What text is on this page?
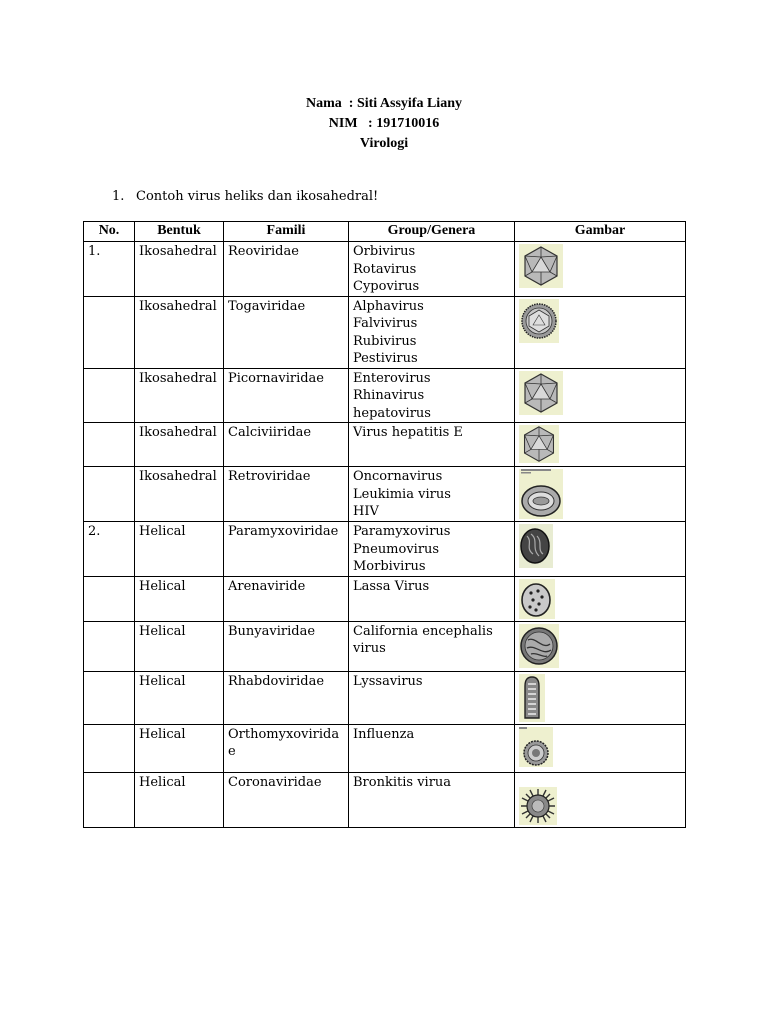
Nama  : Siti Assyifa Liany
NIM   : 191710016
Virologi
1. Contoh virus heliks dan ikosahedral!
No.	Bentuk	Famili	Group/Genera	Gambar
1.	Ikosahedral	Reoviridae	Orbivirus
Rotavirus
Cypovirus

	Ikosahedral	Togaviridae	Alphavirus
Falvivirus
Rubivirus
Pestivirus

	Ikosahedral	Picornaviridae	Enterovirus
Rhinavirus
hepatovirus

	Ikosahedral	Calciviiridae	Virus hepatitis E

	Ikosahedral	Retroviridae	Oncornavirus
Leukimia virus
HIV

2.	Helical	Paramyxoviridae	Paramyxovirus
Pneumovirus
Morbivirus

	Helical	Arenaviride	Lassa Virus

	Helical	Bunyaviridae	California encephalis virus

	Helical	Rhabdoviridae	Lyssavirus

	Helical	Orthomyxovirida e	Influenza

	Helical	Coronaviridae	Bronkitis virua
